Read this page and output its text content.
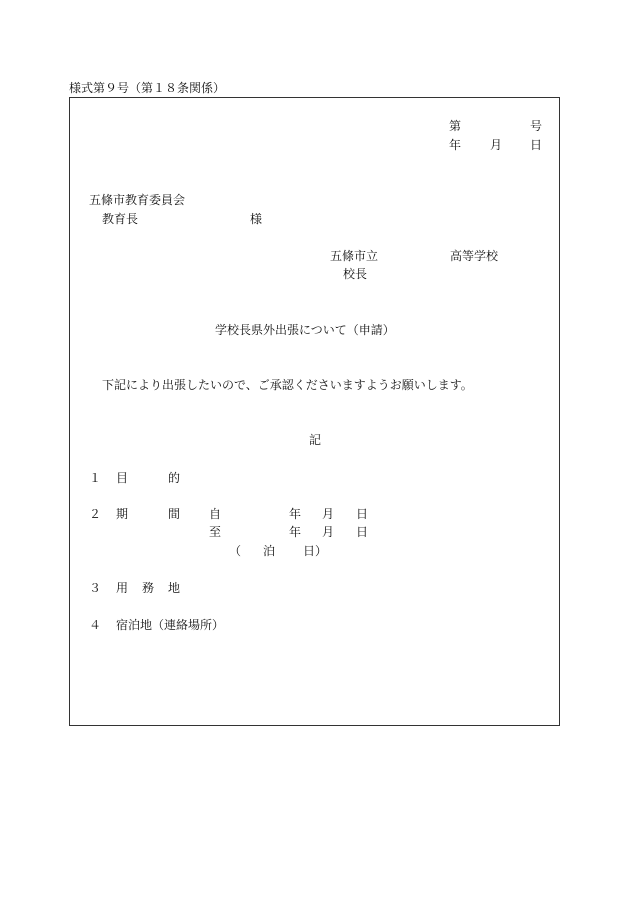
様式第９号（第１８条関係）
第	号
年 月 日
五條市教育委員会
教育長	様
五條市立	高等学校
校長
学校長県外出張について（申請）
下記により出張したいので、ご承認くださいますようお願いします。
記
１ 目	的
２ 期	間 自	年 月 日
至	年 月 日
（ 泊 日）
３ 用 務 地
４ 宿泊地（連絡場所）
